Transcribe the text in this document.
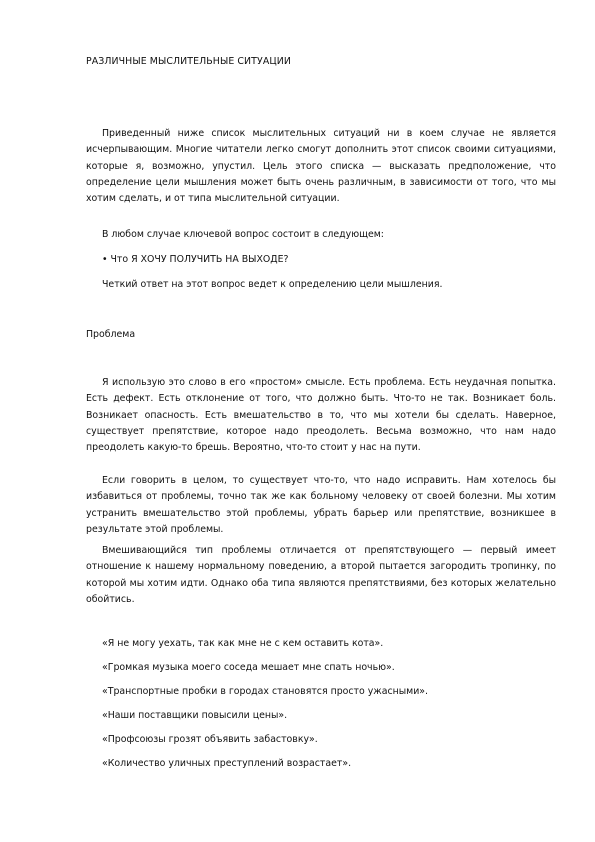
РАЗЛИЧНЫЕ МЫСЛИТЕЛЬНЫЕ СИТУАЦИИ

Приведенный ниже список мыслительных ситуаций ни в коем случае не является исчерпывающим. Многие читатели легко смогут дополнить этот список своими ситуациями, которые я, возможно, упустил. Цель этого списка — высказать предположение, что определение цели мышления может быть очень различным, в зависимости от того, что мы хотим сделать, и от типа мыслительной ситуации.

В любом случае ключевой вопрос состоит в следующем:
• Что Я ХОЧУ ПОЛУЧИТЬ НА ВЫХОДЕ?
Четкий ответ на этот вопрос ведет к определению цели мышления.
Проблема

Я использую это слово в его «простом» смысле. Есть проблема. Есть неудачная попытка. Есть дефект. Есть отклонение от того, что должно быть. Что-то не так. Возникает боль. Возникает опасность. Есть вмешательство в то, что мы хотели бы сделать. Наверное, существует препятствие, которое надо преодолеть. Весьма возможно, что нам надо преодолеть какую-то брешь. Вероятно, что-то стоит у нас на пути.

Если говорить в целом, то существует что-то, что надо исправить. Нам хотелось бы избавиться от проблемы, точно так же как больному человеку от своей болезни. Мы хотим устранить вмешательство этой проблемы, убрать барьер или препятствие, возникшее в результате этой проблемы.

Вмешивающийся тип проблемы отличается от препятствующего — первый имеет отношение к нашему нормальному поведению, а второй пытается загородить тропинку, по которой мы хотим идти. Однако оба типа являются препятствиями, без которых желательно обойтись.

«Я не могу уехать, так как мне не с кем оставить кота».
«Громкая музыка моего соседа мешает мне спать ночью».
«Транспортные пробки в городах становятся просто ужасными».
«Наши поставщики повысили цены».
«Профсоюзы грозят объявить забастовку».
«Количество уличных преступлений возрастает».
